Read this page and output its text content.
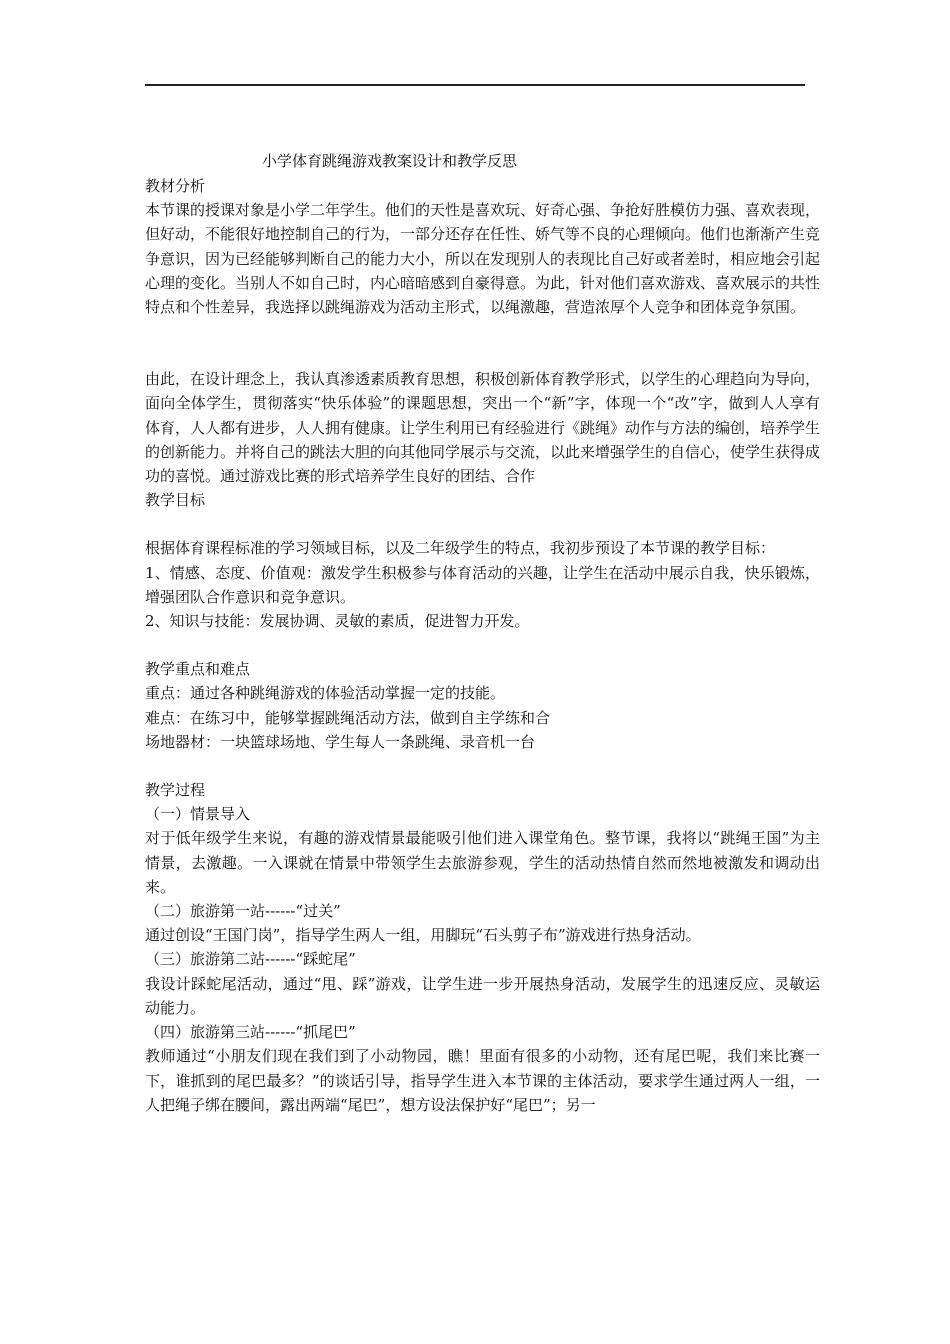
小学体育跳绳游戏教案设计和教学反思

教材分析

本节课的授课对象是小学二年学生。他们的天性是喜欢玩、好奇心强、争抢好胜模仿力强、喜欢表现，但好动，不能很好地控制自己的行为，一部分还存在任性、娇气等不良的心理倾向。他们也渐渐产生竞争意识，因为已经能够判断自己的能力大小，所以在发现别人的表现比自己好或者差时，相应地会引起心理的变化。当别人不如自己时，内心暗暗感到自豪得意。为此，针对他们喜欢游戏、喜欢展示的共性特点和个性差异，我选择以跳绳游戏为活动主形式，以绳激趣，营造浓厚个人竞争和团体竞争氛围。

由此，在设计理念上，我认真渗透素质教育思想，积极创新体育教学形式，以学生的心理趋向为导向，面向全体学生，贯彻落实“快乐体验”的课题思想，突出一个“新”字，体现一个“改”字，做到人人享有体育，人人都有进步，人人拥有健康。让学生利用已有经验进行《跳绳》动作与方法的编创，培养学生的创新能力。并将自己的跳法大胆的向其他同学展示与交流，以此来增强学生的自信心，使学生获得成功的喜悦。通过游戏比赛的形式培养学生良好的团结、合作

教学目标

根据体育课程标准的学习领域目标，以及二年级学生的特点，我初步预设了本节课的教学目标：

1、情感、态度、价值观：激发学生积极参与体育活动的兴趣，让学生在活动中展示自我，快乐锻炼，增强团队合作意识和竞争意识。

2、知识与技能：发展协调、灵敏的素质，促进智力开发。

教学重点和难点

重点：通过各种跳绳游戏的体验活动掌握一定的技能。

难点：在练习中，能够掌握跳绳活动方法，做到自主学练和合

场地器材：一块篮球场地、学生每人一条跳绳、录音机一台

教学过程

（一）情景导入

对于低年级学生来说，有趣的游戏情景最能吸引他们进入课堂角色。整节课，我将以“跳绳王国”为主情景，去激趣。一入课就在情景中带领学生去旅游参观，学生的活动热情自然而然地被激发和调动出来。

（二）旅游第一站------“过关”

通过创设“王国门岗”，指导学生两人一组，用脚玩“石头剪子布”游戏进行热身活动。

（三）旅游第二站------“踩蛇尾”

我设计踩蛇尾活动，通过“甩、踩”游戏，让学生进一步开展热身活动，发展学生的迅速反应、灵敏运动能力。

（四）旅游第三站------“抓尾巴”

教师通过“小朋友们现在我们到了小动物园，瞧！里面有很多的小动物，还有尾巴呢，我们来比赛一下，谁抓到的尾巴最多？”的谈话引导，指导学生进入本节课的主体活动，要求学生通过两人一组，一人把绳子绑在腰间，露出两端“尾巴”，想方设法保护好“尾巴”；另一
